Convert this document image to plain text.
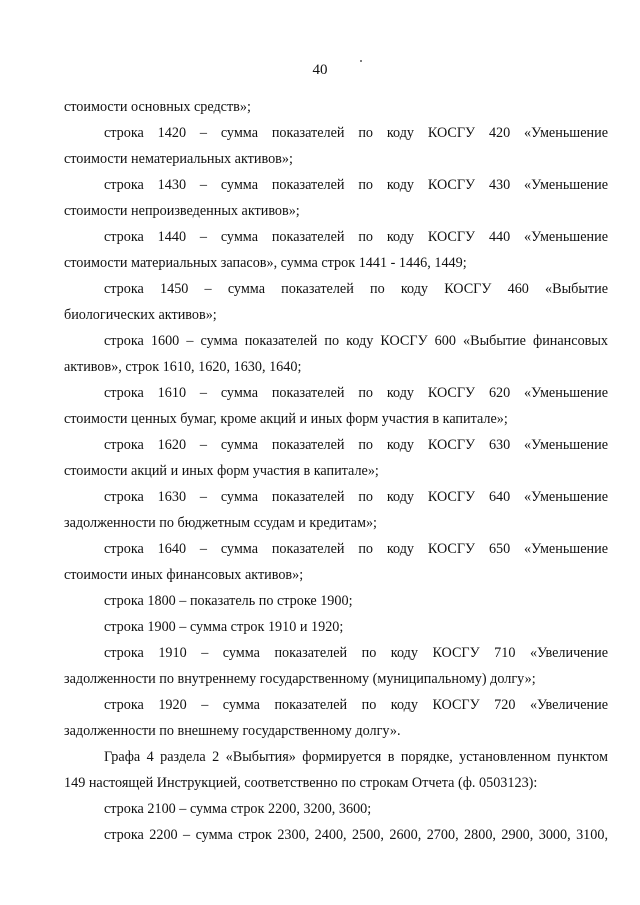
40
стоимости основных средств»;
строка 1420 – сумма показателей по коду КОСГУ 420 «Уменьшение
стоимости нематериальных активов»;
строка 1430 – сумма показателей по коду КОСГУ 430 «Уменьшение
стоимости непроизведенных активов»;
строка 1440 – сумма показателей по коду КОСГУ 440 «Уменьшение
стоимости материальных запасов», сумма строк 1441 - 1446, 1449;
строка 1450 – сумма показателей по коду КОСГУ 460 «Выбытие
биологических активов»;
строка 1600 – сумма показателей по коду КОСГУ 600 «Выбытие финансовых
активов», строк 1610, 1620, 1630, 1640;
строка 1610 – сумма показателей по коду КОСГУ 620 «Уменьшение
стоимости ценных бумаг, кроме акций и иных форм участия в капитале»;
строка 1620 – сумма показателей по коду КОСГУ 630 «Уменьшение
стоимости акций и иных форм участия в капитале»;
строка 1630 – сумма показателей по коду КОСГУ 640 «Уменьшение
задолженности по бюджетным ссудам и кредитам»;
строка 1640 – сумма показателей по коду КОСГУ 650 «Уменьшение
стоимости иных финансовых активов»;
строка 1800 – показатель по строке 1900;
строка 1900 – сумма строк 1910 и 1920;
строка 1910 – сумма показателей по коду КОСГУ 710 «Увеличение
задолженности по внутреннему государственному (муниципальному) долгу»;
строка 1920 – сумма показателей по коду КОСГУ 720 «Увеличение
задолженности по внешнему государственному долгу».
Графа 4 раздела 2 «Выбытия» формируется в порядке, установленном пунктом
149 настоящей Инструкцией, соответственно по строкам Отчета (ф. 0503123):
строка 2100 – сумма строк 2200, 3200, 3600;
строка 2200 – сумма строк 2300, 2400, 2500, 2600, 2700, 2800, 2900, 3000, 3100,
